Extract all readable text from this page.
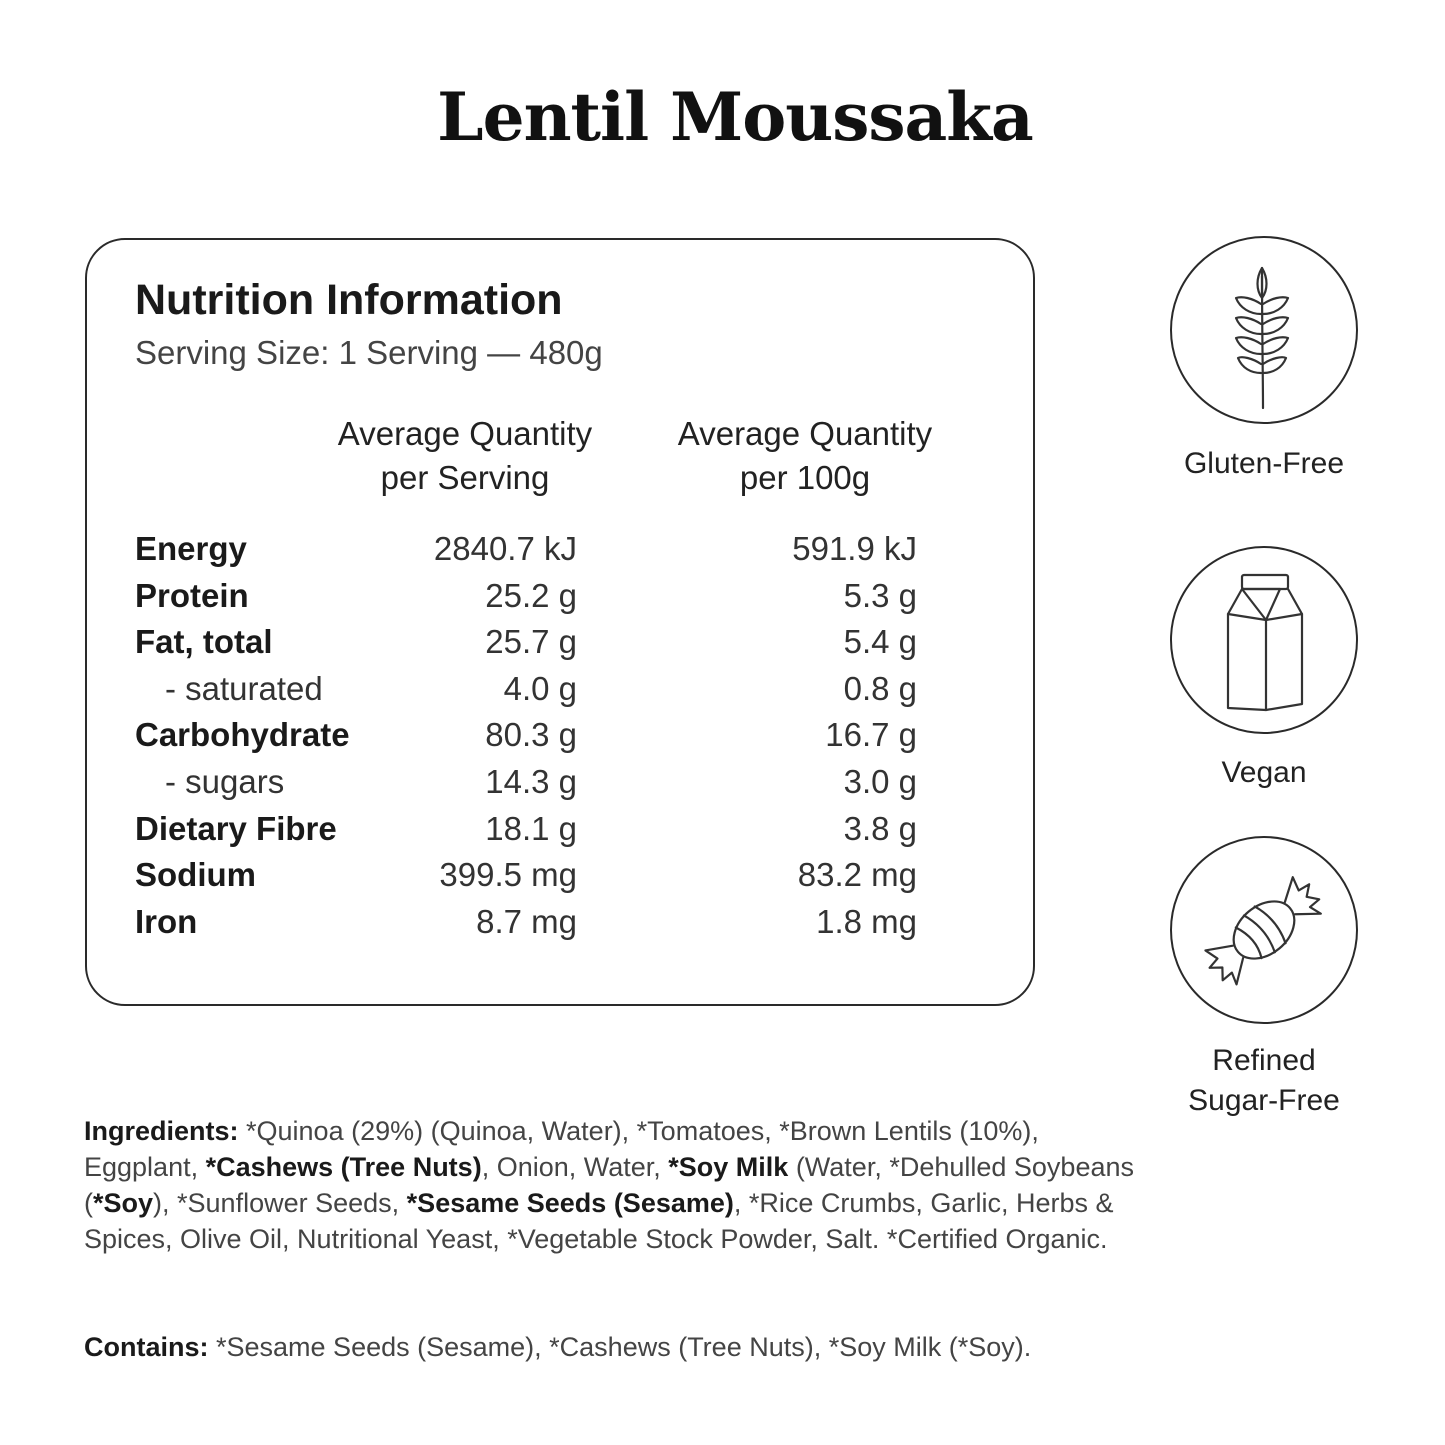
Lentil Moussaka
Nutrition Information
Serving Size: 1 Serving — 480g
Average Quantity
per Serving
Average Quantity
per 100g
Energy	2840.7 kJ	591.9 kJ
Protein	25.2 g	5.3 g
Fat, total	25.7 g	5.4 g
- saturated	4.0 g	0.8 g
Carbohydrate	80.3 g	16.7 g
- sugars	14.3 g	3.0 g
Dietary Fibre	18.1 g	3.8 g
Sodium	399.5 mg	83.2 mg
Iron	8.7 mg	1.8 mg
Gluten-Free
Vegan
Refined
Sugar-Free

Ingredients: *Quinoa (29%) (Quinoa, Water), *Tomatoes, *Brown Lentils (10%), Eggplant, *Cashews (Tree Nuts), Onion, Water, *Soy Milk (Water, *Dehulled Soybeans (*Soy), *Sunflower Seeds, *Sesame Seeds (Sesame), *Rice Crumbs, Garlic, Herbs & Spices, Olive Oil, Nutritional Yeast, *Vegetable Stock Powder, Salt. *Certified Organic.

Contains: *Sesame Seeds (Sesame), *Cashews (Tree Nuts), *Soy Milk (*Soy).
